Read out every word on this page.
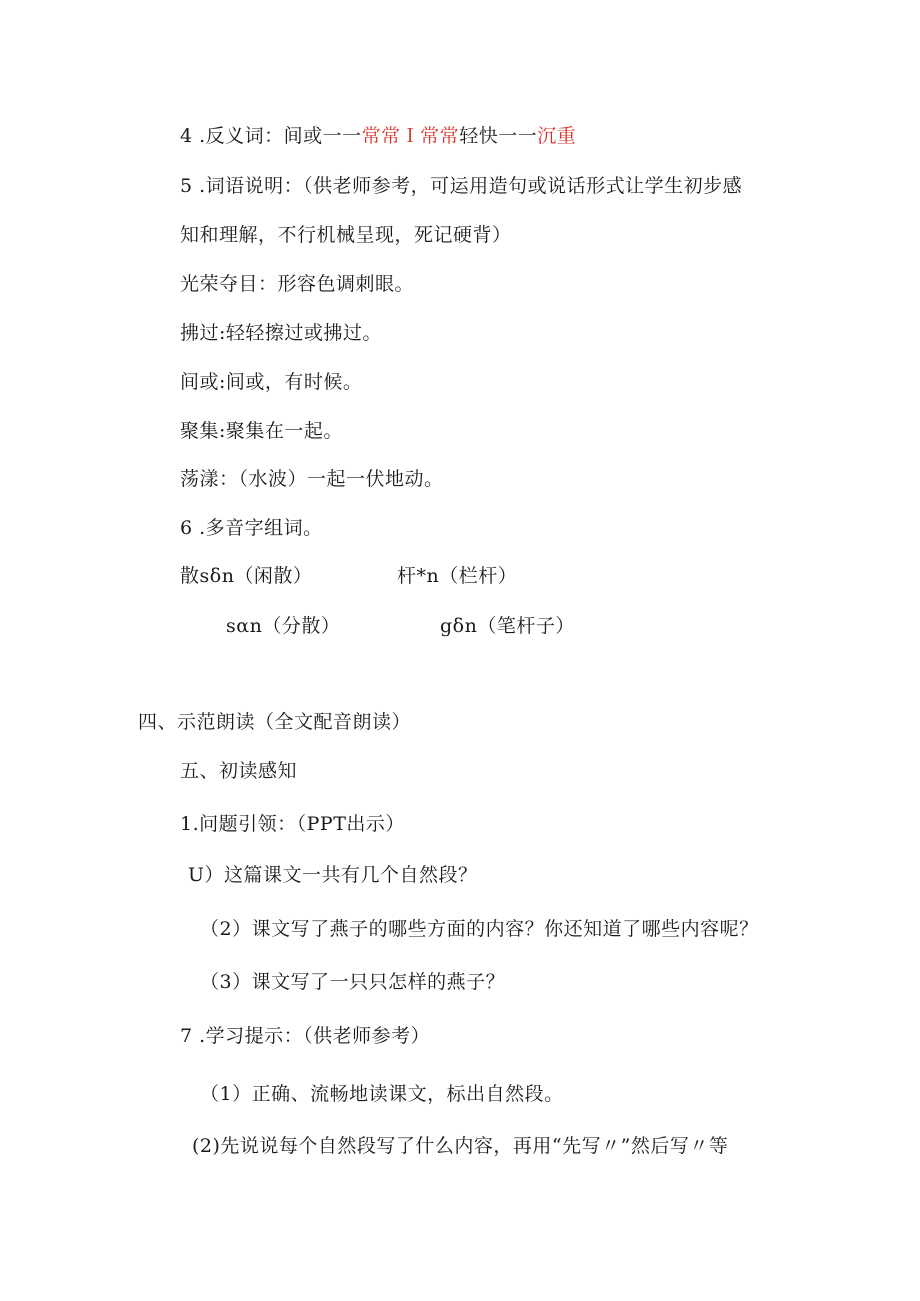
4 .反义词：间或一一常常Ｉ常常轻快一一沉重
5 .词语说明：（供老师参考，可运用造句或说话形式让学生初步感
知和理解，不行机械呈现，死记硬背）
光荣夺目：形容色调刺眼。
拂过:轻轻擦过或拂过。
间或:间或，有时候。
聚集:聚集在一起。
荡漾：（水波）一起一伏地动。
6 .多音字组词。
散sδn（闲散）	杆*n（栏杆）
sαn（分散）	gδn（笔杆子）
四、示范朗读（全文配音朗读）
五、初读感知
1.问题引领：（PPT出示）
U）这篇课文一共有几个自然段？
（2）课文写了燕子的哪些方面的内容？你还知道了哪些内容呢？
（3）课文写了一只只怎样的燕子？
7 .学习提示：（供老师参考）
（1）正确、流畅地读课文，标出自然段。
(2)先说说每个自然段写了什么内容，再用“先写〃”然后写〃等
